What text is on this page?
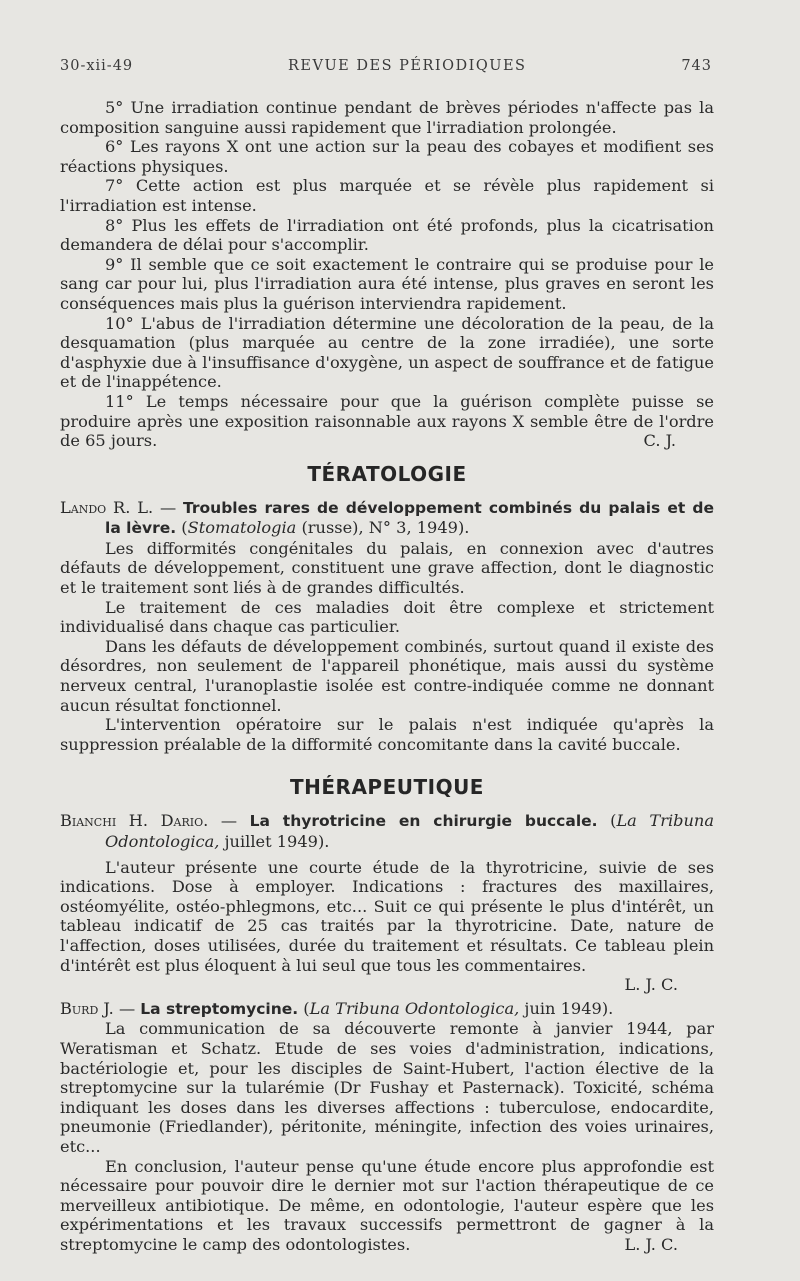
30-xii-49	REVUE DES PÉRIODIQUES	743

5° Une irradiation continue pendant de brèves périodes n'affecte pas la composition sanguine aussi rapidement que l'irradiation prolongée.

6° Les rayons X ont une action sur la peau des cobayes et modifient ses réactions physiques.

7° Cette action est plus marquée et se révèle plus rapidement si l'irradiation est intense.

8° Plus les effets de l'irradiation ont été profonds, plus la cicatrisation demandera de délai pour s'accomplir.

9° Il semble que ce soit exactement le contraire qui se produise pour le sang car pour lui, plus l'irradiation aura été intense, plus graves en seront les conséquences mais plus la guérison interviendra rapidement.

10° L'abus de l'irradiation détermine une décoloration de la peau, de la desquamation (plus marquée au centre de la zone irradiée), une sorte d'asphyxie due à l'insuffisance d'oxygène, un aspect de souffrance et de fatigue et de l'inappétence.

11° Le temps nécessaire pour que la guérison complète puisse se produire après une exposition raisonnable aux rayons X semble être de l'ordre de 65 jours.	C. J.

TÉRATOLOGIE

Lando R. L. — Troubles rares de développement combinés du palais et de la lèvre. (Stomatologia (russe), N° 3, 1949).

Les difformités congénitales du palais, en connexion avec d'autres défauts de développement, constituent une grave affection, dont le diagnostic et le traitement sont liés à de grandes difficultés.

Le traitement de ces maladies doit être complexe et strictement individualisé dans chaque cas particulier.

Dans les défauts de développement combinés, surtout quand il existe des désordres, non seulement de l'appareil phonétique, mais aussi du système nerveux central, l'uranoplastie isolée est contre-indiquée comme ne donnant aucun résultat fonctionnel.

L'intervention opératoire sur le palais n'est indiquée qu'après la suppression préalable de la difformité concomitante dans la cavité buccale.

THÉRAPEUTIQUE

Bianchi H. Dario. — La thyrotricine en chirurgie buccale. (La Tribuna Odontologica, juillet 1949).

L'auteur présente une courte étude de la thyrotricine, suivie de ses indications. Dose à employer. Indications : fractures des maxillaires, ostéomyélite, ostéo-phlegmons, etc... Suit ce qui présente le plus d'intérêt, un tableau indicatif de 25 cas traités par la thyrotricine. Date, nature de l'affection, doses utilisées, durée du traitement et résultats. Ce tableau plein d'intérêt est plus éloquent à lui seul que tous les commentaires.

L. J. C.

Burd J. — La streptomycine. (La Tribuna Odontologica, juin 1949).

La communication de sa découverte remonte à janvier 1944, par Weratisman et Schatz. Etude de ses voies d'administration, indications, bactériologie et, pour les disciples de Saint-Hubert, l'action élective de la streptomycine sur la tularémie (Dr Fushay et Pasternack). Toxicité, schéma indiquant les doses dans les diverses affections : tuberculose, endocardite, pneumonie (Friedlander), péritonite, méningite, infection des voies urinaires, etc...

En conclusion, l'auteur pense qu'une étude encore plus approfondie est nécessaire pour pouvoir dire le dernier mot sur l'action thérapeutique de ce merveilleux antibiotique. De même, en odontologie, l'auteur espère que les expérimentations et les travaux successifs permettront de gagner à la streptomycine le camp des odontologistes.	L. J. C.
